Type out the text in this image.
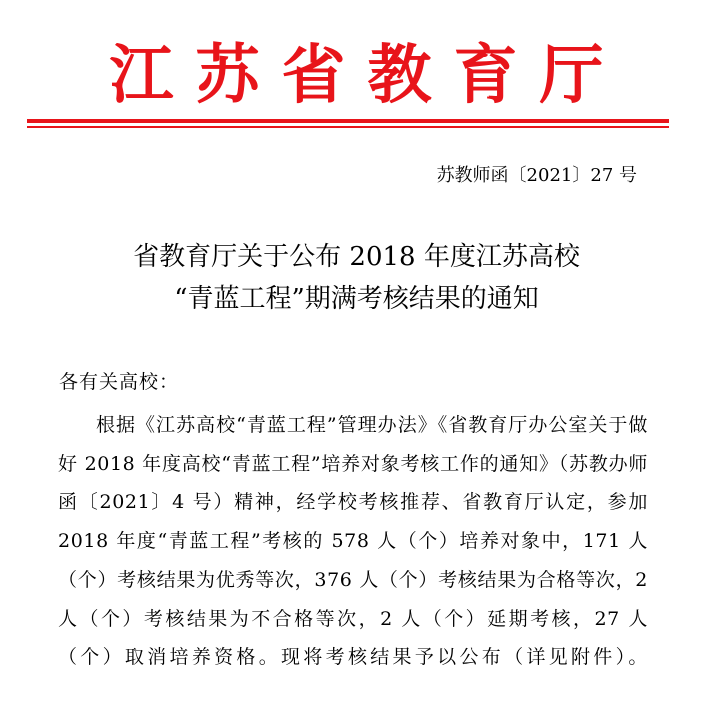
江苏省教育厅
苏教师函〔2021〕27 号
省教育厅关于公布 2018 年度江苏高校
“青蓝工程”期满考核结果的通知
各有关高校：

根据《江苏高校“青蓝工程”管理办法》《省教育厅办公室关于做好 2018 年度高校“青蓝工程”培养对象考核工作的通知》（苏教办师函〔2021〕4 号）精神，经学校考核推荐、省教育厅认定，参加 2018 年度“青蓝工程”考核的 578 人（个）培养对象中，171 人（个）考核结果为优秀等次，376 人（个）考核结果为合格等次，2 人（个）考核结果为不合格等次，2 人（个）延期考核，27 人（个）取消培养资格。现将考核结果予以公布（详见附件）。
